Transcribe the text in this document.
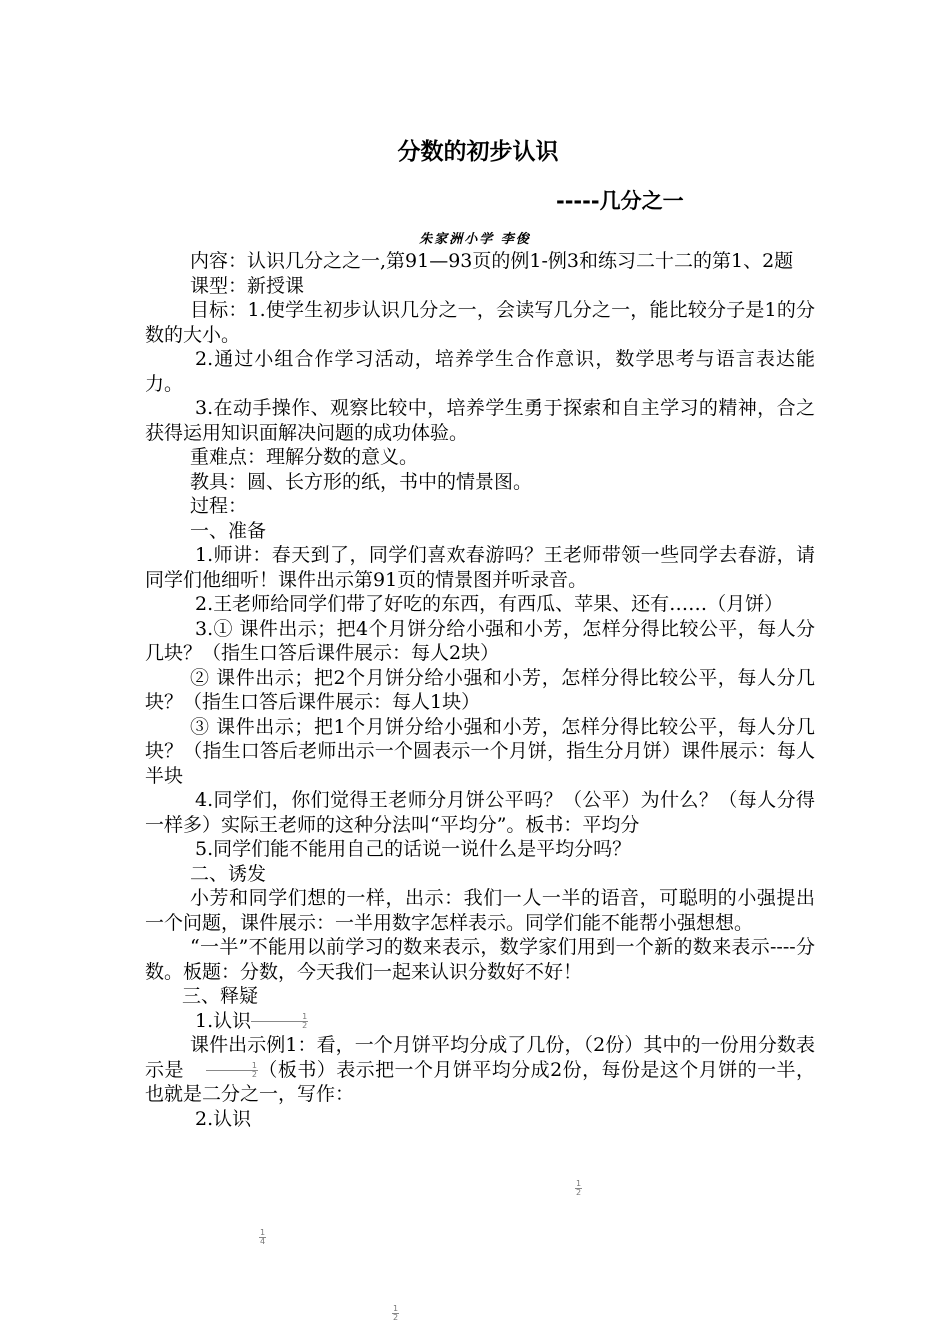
分数的初步认识
-----几分之一
朱家洲小学 李俊

内容：认识几分之之一,第91—93页的例1-例3和练习二十二的第1、2题

课型：新授课

目标：1.使学生初步认识几分之一，会读写几分之一，能比较分子是1的分数的大小。

2.通过小组合作学习活动，培养学生合作意识，数学思考与语言表达能力。

3.在动手操作、观察比较中，培养学生勇于探索和自主学习的精神，合之获得运用知识面解决问题的成功体验。

重难点：理解分数的意义。

教具：圆、长方形的纸，书中的情景图。

过程：

一、准备

1.师讲：春天到了，同学们喜欢春游吗？王老师带领一些同学去春游，请同学们他细听！课件出示第91页的情景图并听录音。

2.王老师给同学们带了好吃的东西，有西瓜、苹果、还有……（月饼）

3.① 课件出示；把4个月饼分给小强和小芳，怎样分得比较公平，每人分几块？（指生口答后课件展示：每人2块）

② 课件出示；把2个月饼分给小强和小芳，怎样分得比较公平，每人分几块？（指生口答后课件展示：每人1块）

③ 课件出示；把1个月饼分给小强和小芳，怎样分得比较公平，每人分几块？（指生口答后老师出示一个圆表示一个月饼，指生分月饼）课件展示：每人半块

4.同学们，你们觉得王老师分月饼公平吗？（公平）为什么？（每人分得一样多）实际王老师的这种分法叫“平均分”。板书：平均分

5.同学们能不能用自己的话说一说什么是平均分吗？

二、诱发

小芳和同学们想的一样，出示：我们一人一半的语音，可聪明的小强提出一个问题，课件展示：一半用数字怎样表示。同学们能不能帮小强想想。

“一半”不能用以前学习的数来表示，数学家们用到一个新的数来表示----分数。板题：分数，今天我们一起来认识分数好不好！

三、释疑

1.认识 $\frac{1}{2}$

课件出示例1：看，一个月饼平均分成了几份，（2份）其中的一份用分数表示是	$\frac{1}{2}$ （板书）表示把一个月饼平均分成2份，每份是这个月饼的一半，也就是二分之一，写作：

2.认识

$\frac{1}{2}$
$\frac{1}{4}$
$\frac{1}{2}$
